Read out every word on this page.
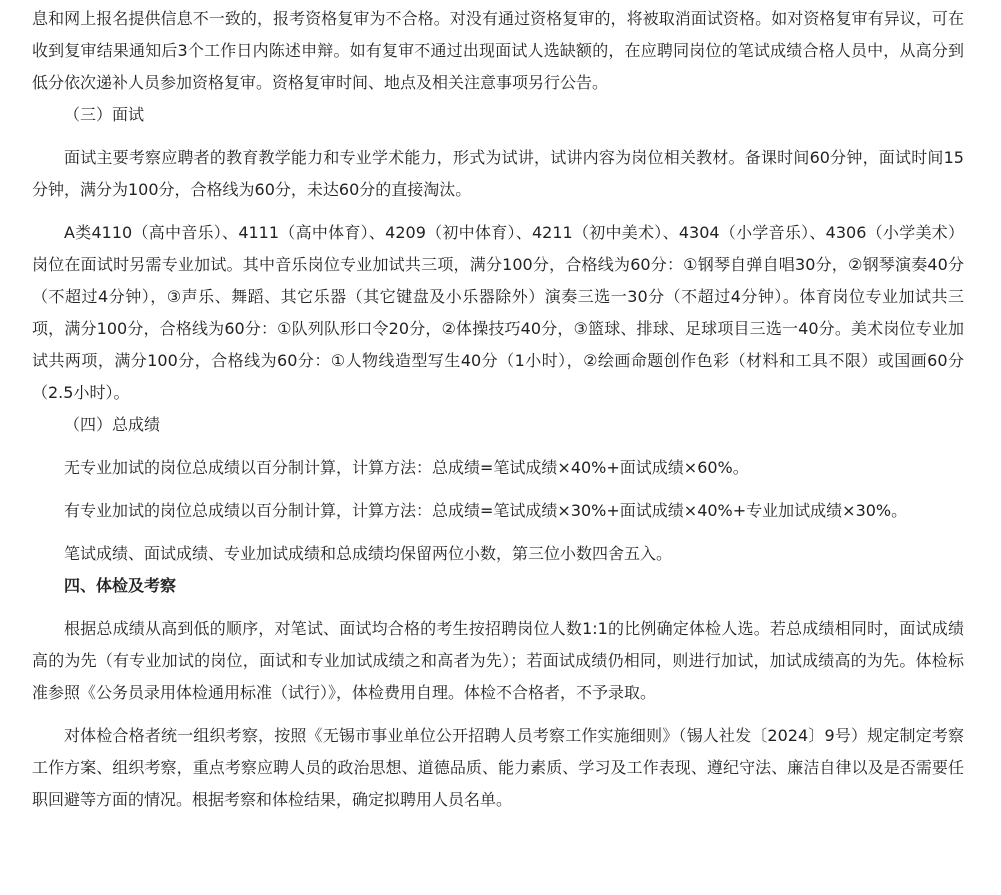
息和网上报名提供信息不一致的，报考资格复审为不合格。对没有通过资格复审的，将被取消面试资格。如对资格复审有异议，可在收到复审结果通知后3个工作日内陈述申辩。如有复审不通过出现面试人选缺额的，在应聘同岗位的笔试成绩合格人员中，从高分到低分依次递补人员参加资格复审。资格复审时间、地点及相关注意事项另行公告。

（三）面试

面试主要考察应聘者的教育教学能力和专业学术能力，形式为试讲，试讲内容为岗位相关教材。备课时间60分钟，面试时间15分钟，满分为100分，合格线为60分，未达60分的直接淘汰。

A类4110（高中音乐）、4111（高中体育）、4209（初中体育）、4211（初中美术）、4304（小学音乐）、4306（小学美术）岗位在面试时另需专业加试。其中音乐岗位专业加试共三项，满分100分，合格线为60分：①钢琴自弹自唱30分，②钢琴演奏40分（不超过4分钟），③声乐、舞蹈、其它乐器（其它键盘及小乐器除外）演奏三选一30分（不超过4分钟）。体育岗位专业加试共三项，满分100分，合格线为60分：①队列队形口令20分，②体操技巧40分，③篮球、排球、足球项目三选一40分。美术岗位专业加试共两项，满分100分，合格线为60分：①人物线造型写生40分（1小时），②绘画命题创作色彩（材料和工具不限）或国画60分（2.5小时）。

（四）总成绩

无专业加试的岗位总成绩以百分制计算，计算方法：总成绩=笔试成绩×40%+面试成绩×60%。

有专业加试的岗位总成绩以百分制计算，计算方法：总成绩=笔试成绩×30%+面试成绩×40%+专业加试成绩×30%。

笔试成绩、面试成绩、专业加试成绩和总成绩均保留两位小数，第三位小数四舍五入。

四、体检及考察

根据总成绩从高到低的顺序，对笔试、面试均合格的考生按招聘岗位人数1:1的比例确定体检人选。若总成绩相同时，面试成绩高的为先（有专业加试的岗位，面试和专业加试成绩之和高者为先）；若面试成绩仍相同，则进行加试，加试成绩高的为先。体检标准参照《公务员录用体检通用标准（试行）》，体检费用自理。体检不合格者，不予录取。

对体检合格者统一组织考察，按照《无锡市事业单位公开招聘人员考察工作实施细则》（锡人社发〔2024〕9号）规定制定考察工作方案、组织考察，重点考察应聘人员的政治思想、道德品质、能力素质、学习及工作表现、遵纪守法、廉洁自律以及是否需要任职回避等方面的情况。根据考察和体检结果，确定拟聘用人员名单。
